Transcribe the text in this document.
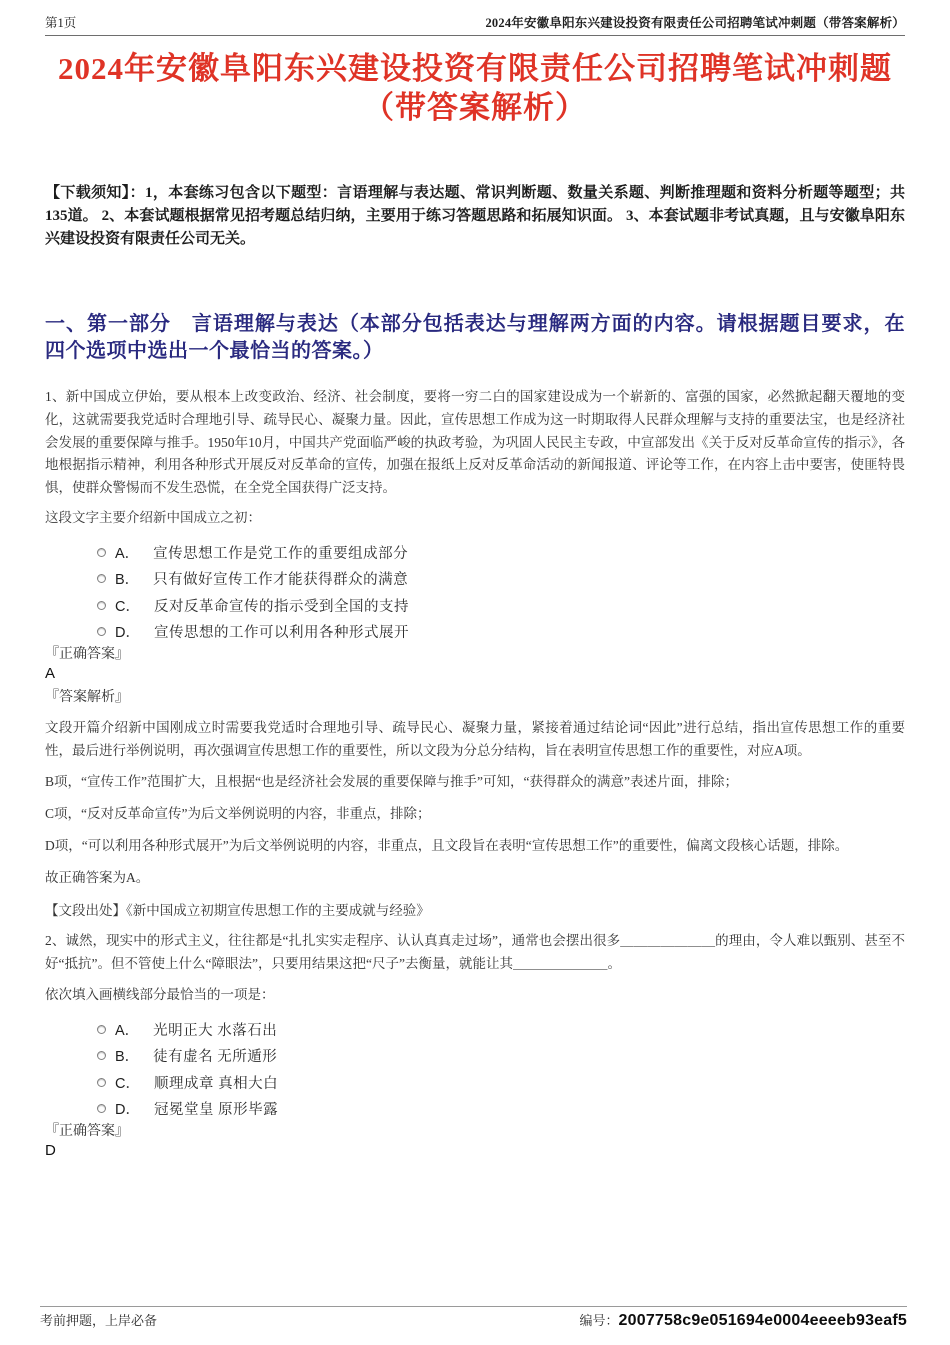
第1页	2024年安徽阜阳东兴建设投资有限责任公司招聘笔试冲刺题（带答案解析）
2024年安徽阜阳东兴建设投资有限责任公司招聘笔试冲刺题
（带答案解析）
【下载须知】：1，本套练习包含以下题型：言语理解与表达题、常识判断题、数量关系题、判断推理题和资料分析题等题型；共135道。 2、本套试题根据常见招考题总结归纳，主要用于练习答题思路和拓展知识面。 3、本套试题非考试真题，且与安徽阜阳东兴建设投资有限责任公司无关。
一、第一部分　言语理解与表达（本部分包括表达与理解两方面的内容。请根据题目要求，在四个选项中选出一个最恰当的答案。）
1、新中国成立伊始，要从根本上改变政治、经济、社会制度，要将一穷二白的国家建设成为一个崭新的、富强的国家，必然掀起翻天覆地的变化，这就需要我党适时合理地引导、疏导民心、凝聚力量。因此，宣传思想工作成为这一时期取得人民群众理解与支持的重要法宝，也是经济社会发展的重要保障与推手。1950年10月，中国共产党面临严峻的执政考验，为巩固人民民主专政，中宣部发出《关于反对反革命宣传的指示》，各地根据指示精神，利用各种形式开展反对反革命的宣传，加强在报纸上反对反革命活动的新闻报道、评论等工作，在内容上击中要害，使匪特畏惧，使群众警惕而不发生恐慌，在全党全国获得广泛支持。
这段文字主要介绍新中国成立之初：
A． 宣传思想工作是党工作的重要组成部分
B． 只有做好宣传工作才能获得群众的满意
C． 反对反革命宣传的指示受到全国的支持
D． 宣传思想的工作可以利用各种形式展开
『正确答案』
A
『答案解析』
文段开篇介绍新中国刚成立时需要我党适时合理地引导、疏导民心、凝聚力量，紧接着通过结论词“因此”进行总结，指出宣传思想工作的重要性，最后进行举例说明，再次强调宣传思想工作的重要性，所以文段为分总分结构，旨在表明宣传思想工作的重要性，对应A项。
B项，“宣传工作”范围扩大，且根据“也是经济社会发展的重要保障与推手”可知，“获得群众的满意”表述片面，排除；
C项，“反对反革命宣传”为后文举例说明的内容，非重点，排除；
D项，“可以利用各种形式展开”为后文举例说明的内容，非重点，且文段旨在表明“宣传思想工作”的重要性，偏离文段核心话题，排除。
故正确答案为A。
【文段出处】《新中国成立初期宣传思想工作的主要成就与经验》
2、诚然，现实中的形式主义，往往都是“扎扎实实走程序、认认真真走过场”，通常也会摆出很多＿＿＿＿＿＿＿的理由，令人难以甄别、甚至不好“抵抗”。但不管使上什么“障眼法”，只要用结果这把“尺子”去衡量，就能让其＿＿＿＿＿＿＿。
依次填入画横线部分最恰当的一项是：
A． 光明正大 水落石出
B． 徒有虚名 无所遁形
C． 顺理成章 真相大白
D． 冠冕堂皇 原形毕露
『正确答案』
D
考前押题，上岸必备	编号：2007758c9e051694e0004eeeeb93eaf5
